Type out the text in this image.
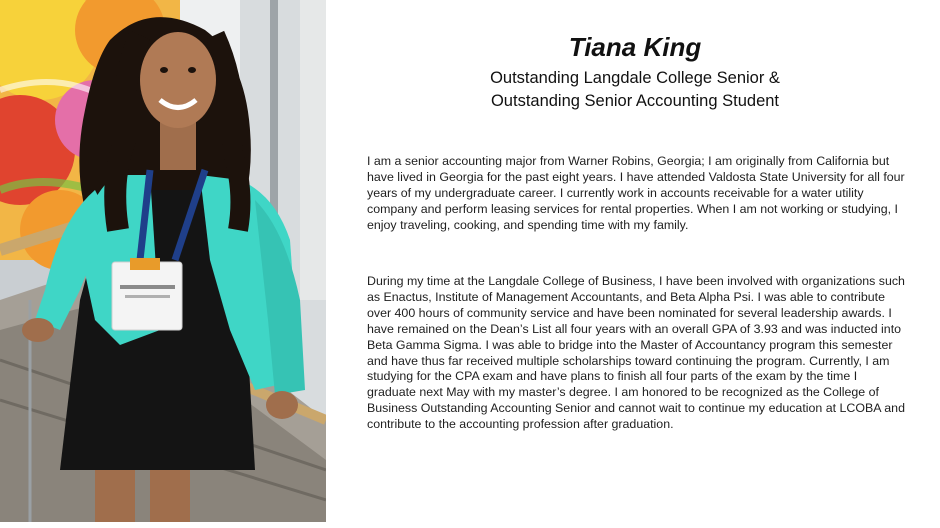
Tiana King

Outstanding Langdale College Senior &

Outstanding Senior Accounting Student

I am a senior accounting major from Warner Robins, Georgia; I am originally from California but have lived in Georgia for the past eight years. I have attended Valdosta State University for all four years of my undergraduate career. I currently work in accounts receivable for a water utility company and perform leasing services for rental properties. When I am not working or studying, I enjoy traveling, cooking, and spending time with my family.

During my time at the Langdale College of Business, I have been involved with organizations such as Enactus, Institute of Management Accountants, and Beta Alpha Psi. I was able to contribute over 400 hours of community service and have been nominated for several leadership awards. I have remained on the Dean’s List all four years with an overall GPA of 3.93 and was inducted into Beta Gamma Sigma. I was able to bridge into the Master of Accountancy program this semester and have thus far received multiple scholarships toward continuing the program. Currently, I am studying for the CPA exam and have plans to finish all four parts of the exam by the time I graduate next May with my master’s degree. I am honored to be recognized as the College of Business Outstanding Accounting Senior and cannot wait to continue my education at LCOBA and contribute to the accounting profession after graduation.
